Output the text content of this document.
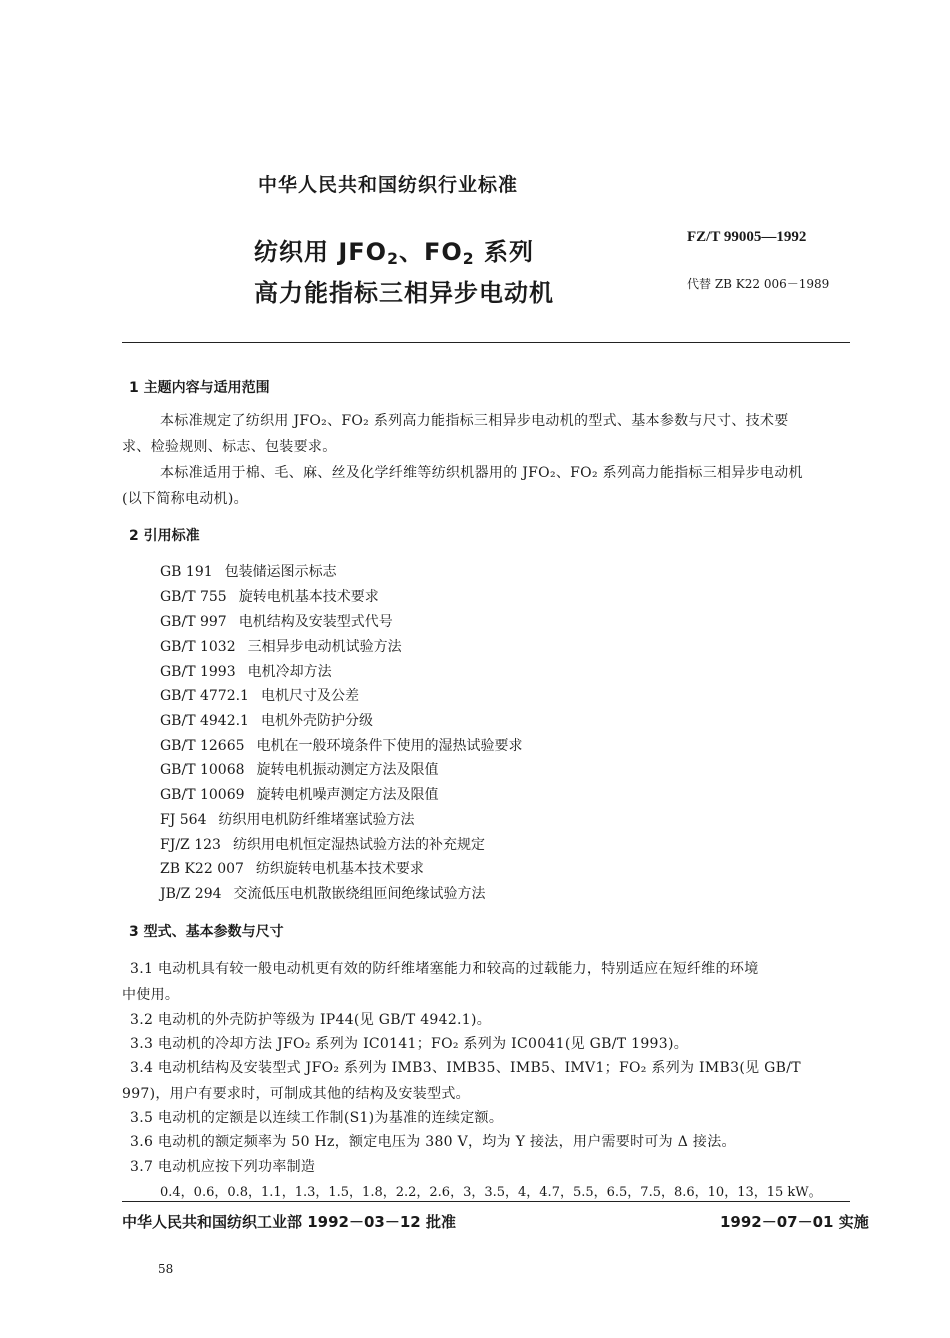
中华人民共和国纺织行业标准
纺织用 $JFO_2$、$FO_2$ 系列
高力能指标三相异步电动机
FZ/T 99005—1992
代替 ZB K22 006－1989
1 主题内容与适用范围
本标准规定了纺织用 JFO₂、FO₂ 系列高力能指标三相异步电动机的型式、基本参数与尺寸、技术要
求、检验规则、标志、包装要求。
本标准适用于棉、毛、麻、丝及化学纤维等纺织机器用的 JFO₂、FO₂ 系列高力能指标三相异步电动机
(以下简称电动机)。
2 引用标准
GB 191 包装储运图示标志
GB/T 755 旋转电机基本技术要求
GB/T 997 电机结构及安装型式代号
GB/T 1032 三相异步电动机试验方法
GB/T 1993 电机冷却方法
GB/T 4772.1 电机尺寸及公差
GB/T 4942.1 电机外壳防护分级
GB/T 12665 电机在一般环境条件下使用的湿热试验要求
GB/T 10068 旋转电机振动测定方法及限值
GB/T 10069 旋转电机噪声测定方法及限值
FJ 564 纺织用电机防纤维堵塞试验方法
FJ/Z 123 纺织用电机恒定湿热试验方法的补充规定
ZB K22 007 纺织旋转电机基本技术要求
JB/Z 294 交流低压电机散嵌绕组匝间绝缘试验方法
3 型式、基本参数与尺寸
3.1 电动机具有较一般电动机更有效的防纤维堵塞能力和较高的过载能力，特别适应在短纤维的环境
中使用。
3.2 电动机的外壳防护等级为 IP44(见 GB/T 4942.1)。
3.3 电动机的冷却方法 JFO₂ 系列为 IC0141；FO₂ 系列为 IC0041(见 GB/T 1993)。
3.4 电动机结构及安装型式 JFO₂ 系列为 IMB3、IMB35、IMB5、IMV1；FO₂ 系列为 IMB3(见 GB/T
997)，用户有要求时，可制成其他的结构及安装型式。
3.5 电动机的定额是以连续工作制(S1)为基准的连续定额。
3.6 电动机的额定频率为 50 Hz，额定电压为 380 V，均为 Y 接法，用户需要时可为 Δ 接法。
3.7 电动机应按下列功率制造
0.4，0.6，0.8，1.1，1.3，1.5，1.8，2.2，2.6，3，3.5，4，4.7，5.5，6.5，7.5，8.6，10，13，15 kW。
中华人民共和国纺织工业部 1992－03－12 批准	1992－07－01 实施
58
